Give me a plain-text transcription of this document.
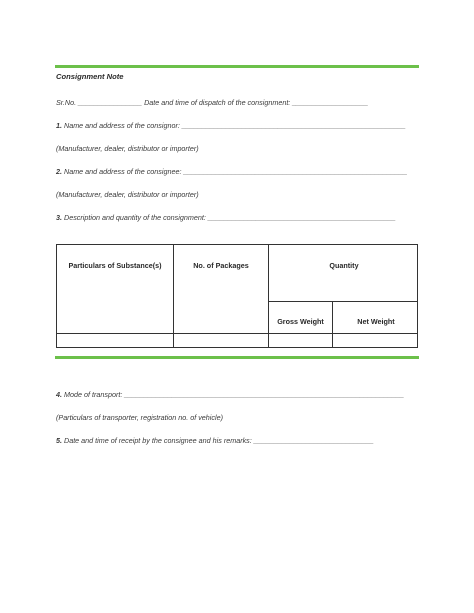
Consignment Note
Sr.No. ________________ Date and time of dispatch of the consignment: ___________________
1. Name and address of the consignor: ________________________________________________________
(Manufacturer, dealer, distributor or importer)
2. Name and address of the consignee: ________________________________________________________
(Manufacturer, dealer, distributor or importer)
3. Description and quantity of the consignment: _______________________________________________
Particulars of Substance(s)	No. of Packages	Quantity
Gross Weight	Net Weight
4. Mode of transport: ______________________________________________________________________
(Particulars of transporter, registration no. of vehicle)
5. Date and time of receipt by the consignee and his remarks: ______________________________
